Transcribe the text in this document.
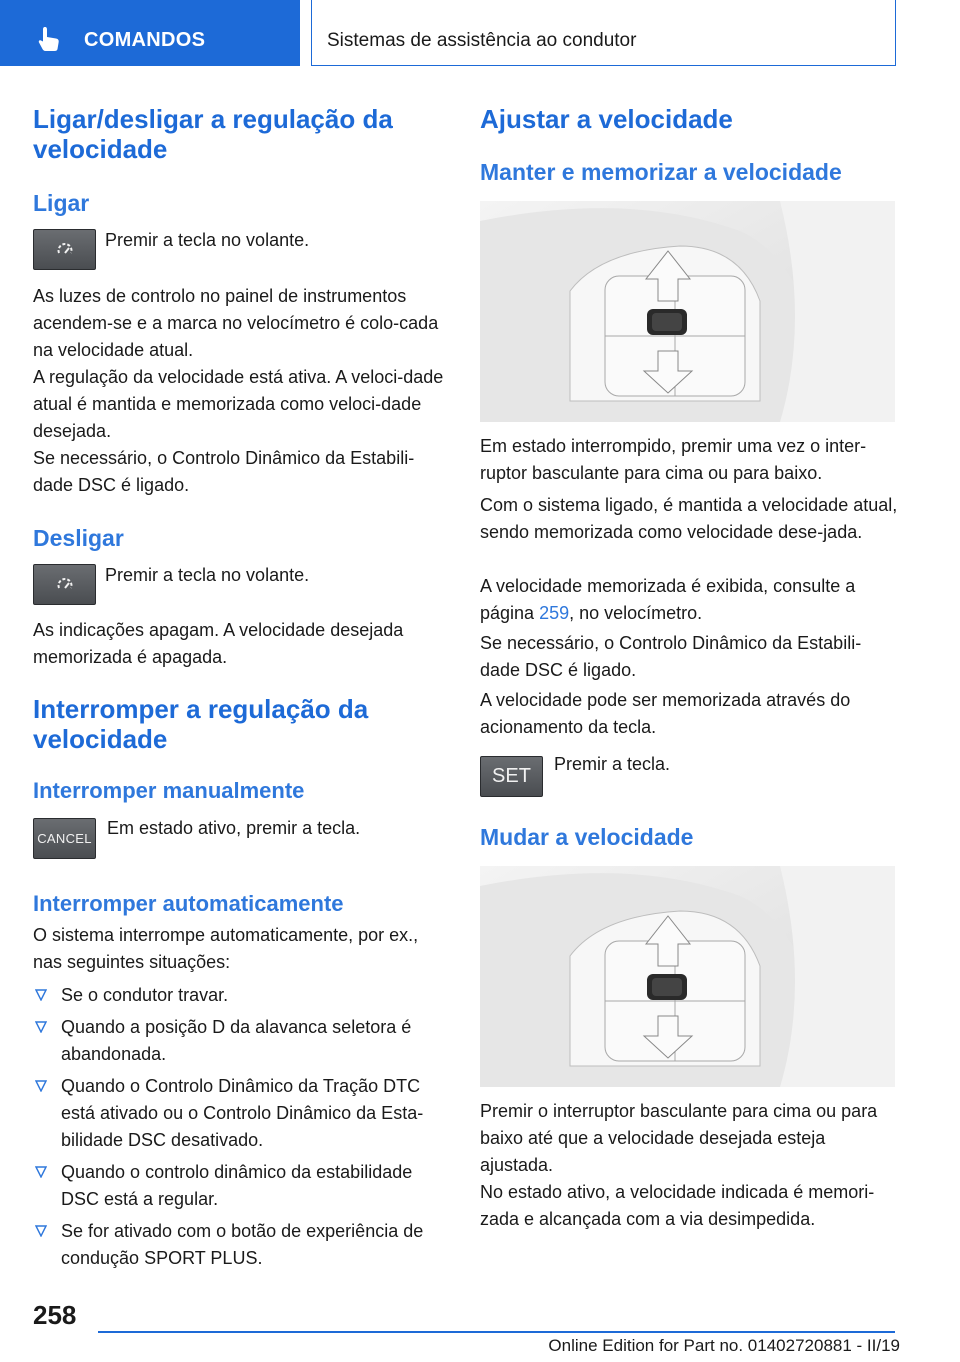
COMANDOS	Sistemas de assistência ao condutor
Ligar/desligar a regulação da velocidade
Ligar

Premir a tecla no volante.

As luzes de controlo no painel de instrumentos acendem-se e a marca no velocímetro é colo-cada na velocidade atual.

A regulação da velocidade está ativa. A veloci-dade atual é mantida e memorizada como veloci-dade desejada.

Se necessário, o Controlo Dinâmico da Estabili-dade DSC é ligado.

Desligar

Premir a tecla no volante.

As indicações apagam. A velocidade desejada memorizada é apagada.

Interromper a regulação da velocidade
Interromper manualmente
CANCEL

Em estado ativo, premir a tecla.

Interromper automaticamente

O sistema interrompe automaticamente, por ex., nas seguintes situações:

Se o condutor travar.
Quando a posição D da alavanca seletora é abandonada.
Quando o Controlo Dinâmico da Tração DTC está ativado ou o Controlo Dinâmico da Esta-bilidade DSC desativado.
Quando o controlo dinâmico da estabilidade DSC está a regular.
Se for ativado com o botão de experiência de condução SPORT PLUS.
Ajustar a velocidade
Manter e memorizar a velocidade

Em estado interrompido, premir uma vez o inter-ruptor basculante para cima ou para baixo.

Com o sistema ligado, é mantida a velocidade atual, sendo memorizada como velocidade dese-jada.

A velocidade memorizada é exibida, consulte a página 259, no velocímetro.

Se necessário, o Controlo Dinâmico da Estabili-dade DSC é ligado.

A velocidade pode ser memorizada através do acionamento da tecla.

SET

Premir a tecla.

Mudar a velocidade

Premir o interruptor basculante para cima ou para baixo até que a velocidade desejada esteja ajustada.

No estado ativo, a velocidade indicada é memori-zada e alcançada com a via desimpedida.

258
Online Edition for Part no. 01402720881 - II/19
